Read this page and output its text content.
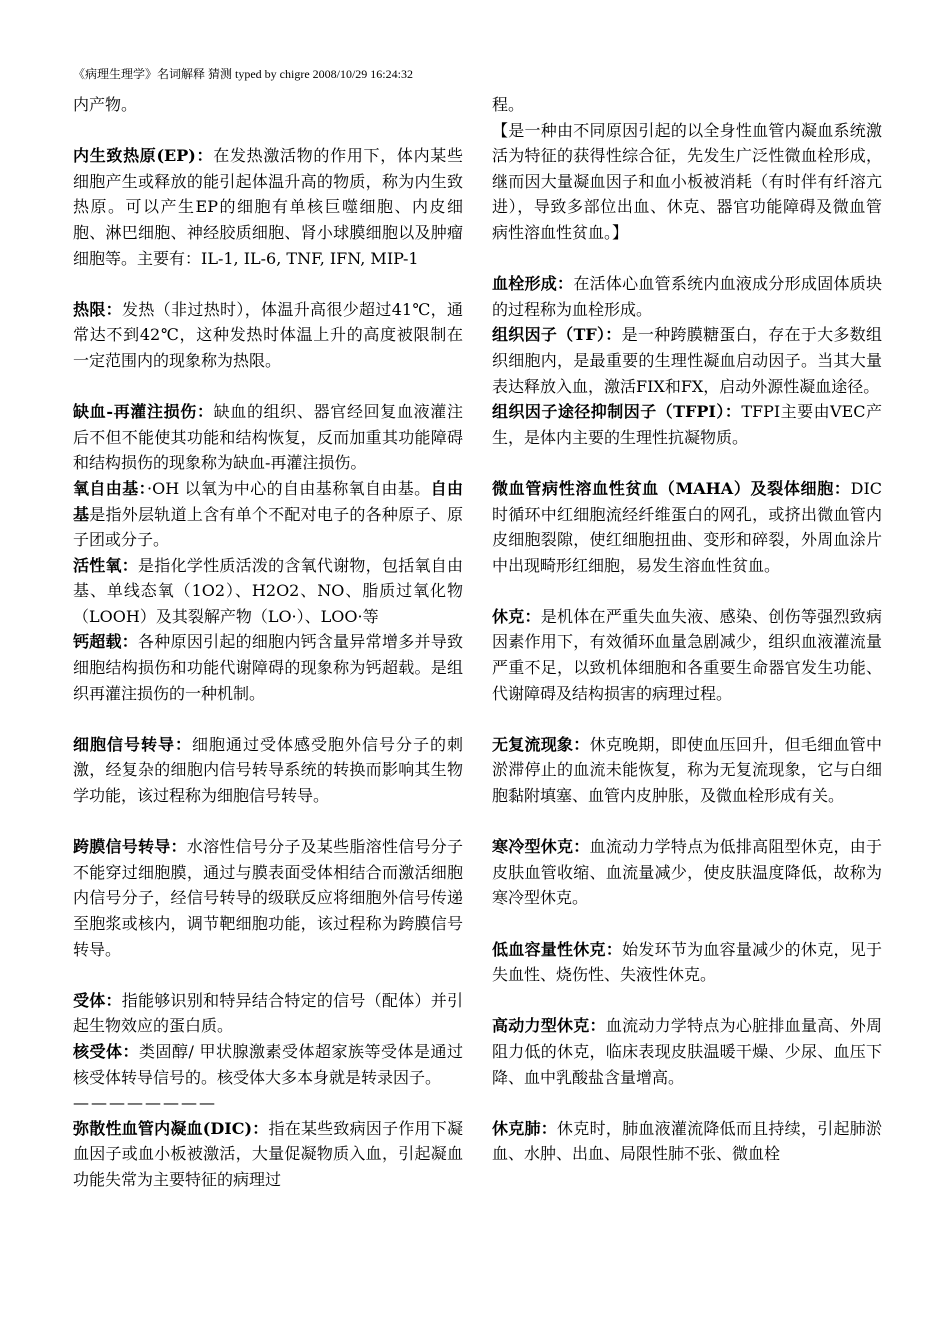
《病理生理学》名词解释 猜测 typed by chigre 2008/10/29 16:24:32

内产物。

内生致热原(EP)：在发热激活物的作用下，体内某些细胞产生或释放的能引起体温升高的物质，称为内生致热原。可以产生EP的细胞有单核巨噬细胞、内皮细胞、淋巴细胞、神经胶质细胞、肾小球膜细胞以及肿瘤细胞等。主要有：IL-1, IL-6, TNF, IFN, MIP-1

热限：发热（非过热时），体温升高很少超过41℃，通常达不到42℃，这种发热时体温上升的高度被限制在一定范围内的现象称为热限。

缺血-再灌注损伤：缺血的组织、器官经回复血液灌注后不但不能使其功能和结构恢复，反而加重其功能障碍和结构损伤的现象称为缺血-再灌注损伤。

氧自由基：·OH 以氧为中心的自由基称氧自由基。自由基是指外层轨道上含有单个不配对电子的各种原子、原子团或分子。

活性氧：是指化学性质活泼的含氧代谢物，包括氧自由基、单线态氧（1O2）、H2O2、NO、脂质过氧化物（LOOH）及其裂解产物（LO·）、LOO·等

钙超载：各种原因引起的细胞内钙含量异常增多并导致细胞结构损伤和功能代谢障碍的现象称为钙超载。是组织再灌注损伤的一种机制。

细胞信号转导：细胞通过受体感受胞外信号分子的刺激，经复杂的细胞内信号转导系统的转换而影响其生物学功能，该过程称为细胞信号转导。

跨膜信号转导：水溶性信号分子及某些脂溶性信号分子不能穿过细胞膜，通过与膜表面受体相结合而激活细胞内信号分子，经信号转导的级联反应将细胞外信号传递至胞浆或核内，调节靶细胞功能，该过程称为跨膜信号转导。

受体：指能够识别和特异结合特定的信号（配体）并引起生物效应的蛋白质。

核受体：类固醇/ 甲状腺激素受体超家族等受体是通过核受体转导信号的。核受体大多本身就是转录因子。

————————

弥散性血管内凝血(DIC)：指在某些致病因子作用下凝血因子或血小板被激活，大量促凝物质入血，引起凝血功能失常为主要特征的病理过

程。

【是一种由不同原因引起的以全身性血管内凝血系统激活为特征的获得性综合征，先发生广泛性微血栓形成，继而因大量凝血因子和血小板被消耗（有时伴有纤溶亢进），导致多部位出血、休克、器官功能障碍及微血管病性溶血性贫血。】

血栓形成：在活体心血管系统内血液成分形成固体质块的过程称为血栓形成。

组织因子（TF）：是一种跨膜糖蛋白，存在于大多数组织细胞内，是最重要的生理性凝血启动因子。当其大量表达释放入血，激活FIX和FX，启动外源性凝血途径。

组织因子途径抑制因子（TFPI）：TFPI主要由VEC产生，是体内主要的生理性抗凝物质。

微血管病性溶血性贫血（MAHA）及裂体细胞：DIC时循环中红细胞流经纤维蛋白的网孔，或挤出微血管内皮细胞裂隙，使红细胞扭曲、变形和碎裂，外周血涂片中出现畸形红细胞，易发生溶血性贫血。

休克：是机体在严重失血失液、感染、创伤等强烈致病因素作用下，有效循环血量急剧减少，组织血液灌流量严重不足，以致机体细胞和各重要生命器官发生功能、代谢障碍及结构损害的病理过程。

无复流现象：休克晚期，即使血压回升，但毛细血管中淤滞停止的血流未能恢复，称为无复流现象，它与白细胞黏附填塞、血管内皮肿胀，及微血栓形成有关。

寒冷型休克：血流动力学特点为低排高阻型休克，由于皮肤血管收缩、血流量减少，使皮肤温度降低，故称为寒冷型休克。

低血容量性休克：始发环节为血容量减少的休克，见于失血性、烧伤性、失液性休克。

高动力型休克：血流动力学特点为心脏排血量高、外周阻力低的休克，临床表现皮肤温暖干燥、少尿、血压下降、血中乳酸盐含量增高。

休克肺：休克时，肺血液灌流降低而且持续，引起肺淤血、水肿、出血、局限性肺不张、微血栓
